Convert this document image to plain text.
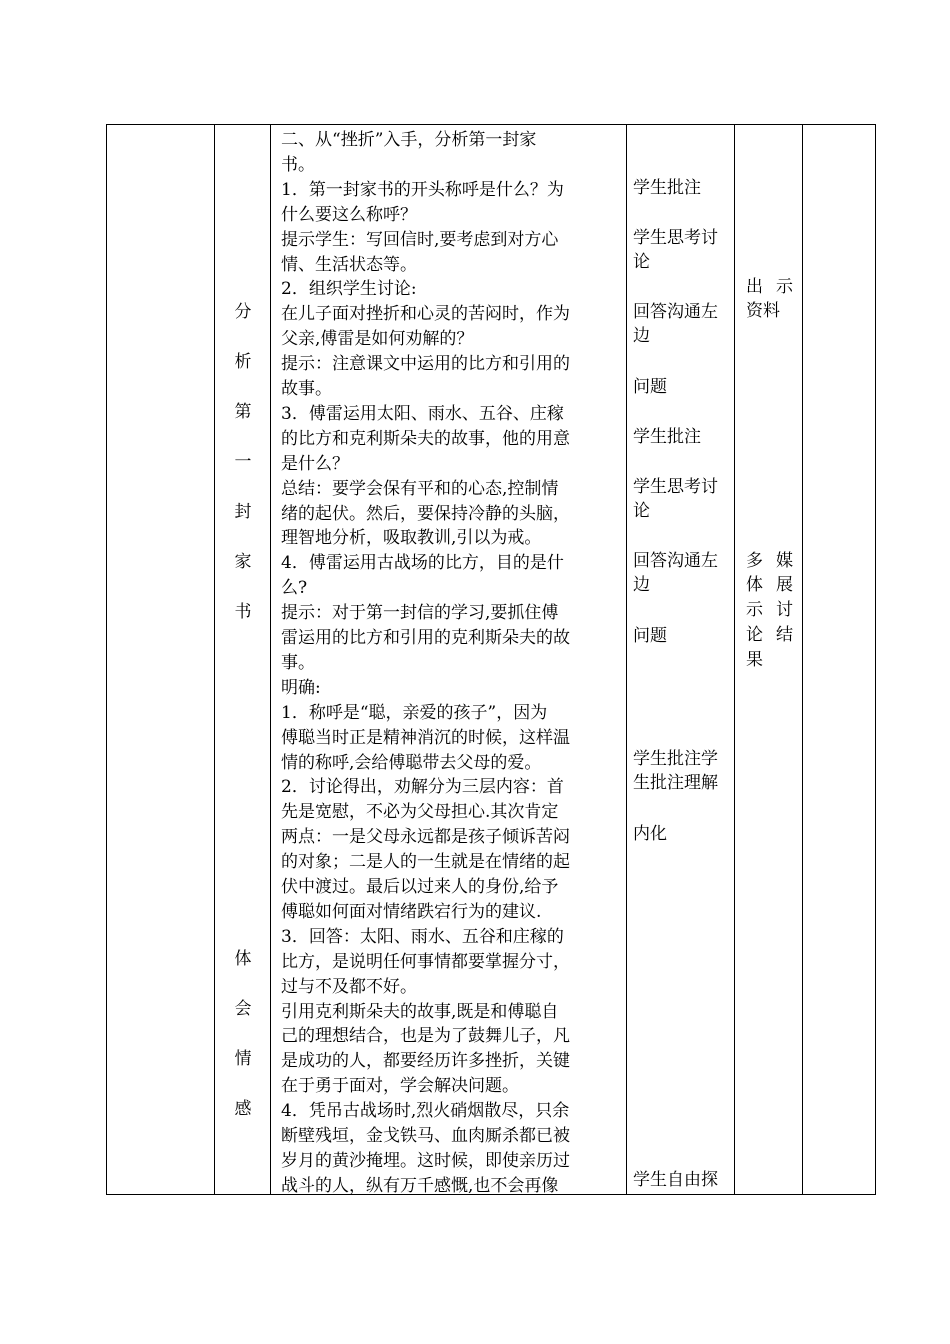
分
析
第
一
封
家
书
体
会
情
感
二、从“挫折”入手，分析第一封家
书。
1．第一封家书的开头称呼是什么？为
什么要这么称呼？
提示学生：写回信时,要考虑到对方心
情、生活状态等。
2．组织学生讨论:
在儿子面对挫折和心灵的苦闷时，作为
父亲,傅雷是如何劝解的？
提示：注意课文中运用的比方和引用的
故事。
3．傅雷运用太阳、雨水、五谷、庄稼
的比方和克利斯朵夫的故事，他的用意
是什么？
总结：要学会保有平和的心态,控制情
绪的起伏。然后，要保持冷静的头脑，
理智地分析，吸取教训,引以为戒。
4．傅雷运用古战场的比方，目的是什
么?
提示：对于第一封信的学习,要抓住傅
雷运用的比方和引用的克利斯朵夫的故
事。
明确:
1．称呼是“聪，亲爱的孩子”，因为
傅聪当时正是精神消沉的时候，这样温
情的称呼,会给傅聪带去父母的爱。
2．讨论得出，劝解分为三层内容：首
先是宽慰，不必为父母担心.其次肯定
两点：一是父母永远都是孩子倾诉苦闷
的对象；二是人的一生就是在情绪的起
伏中渡过。最后以过来人的身份,给予
傅聪如何面对情绪跌宕行为的建议.
3．回答：太阳、雨水、五谷和庄稼的
比方，是说明任何事情都要掌握分寸，
过与不及都不好。
引用克利斯朵夫的故事,既是和傅聪自
己的理想结合，也是为了鼓舞儿子，凡
是成功的人，都要经历许多挫折，关键
在于勇于面对，学会解决问题。
4．凭吊古战场时,烈火硝烟散尽，只余
断壁残垣，金戈铁马、血肉厮杀都已被
岁月的黄沙掩埋。这时候，即使亲历过
战斗的人，纵有万千感慨,也不会再像
学生批注
学生思考讨
论
回答沟通左
边
问题
学生批注
学生思考讨
论
回答沟通左
边
问题
学生批注学
生批注理解
内化
学生自由探
出 示
资料
多 媒
体 展
示 讨
论 结
果
